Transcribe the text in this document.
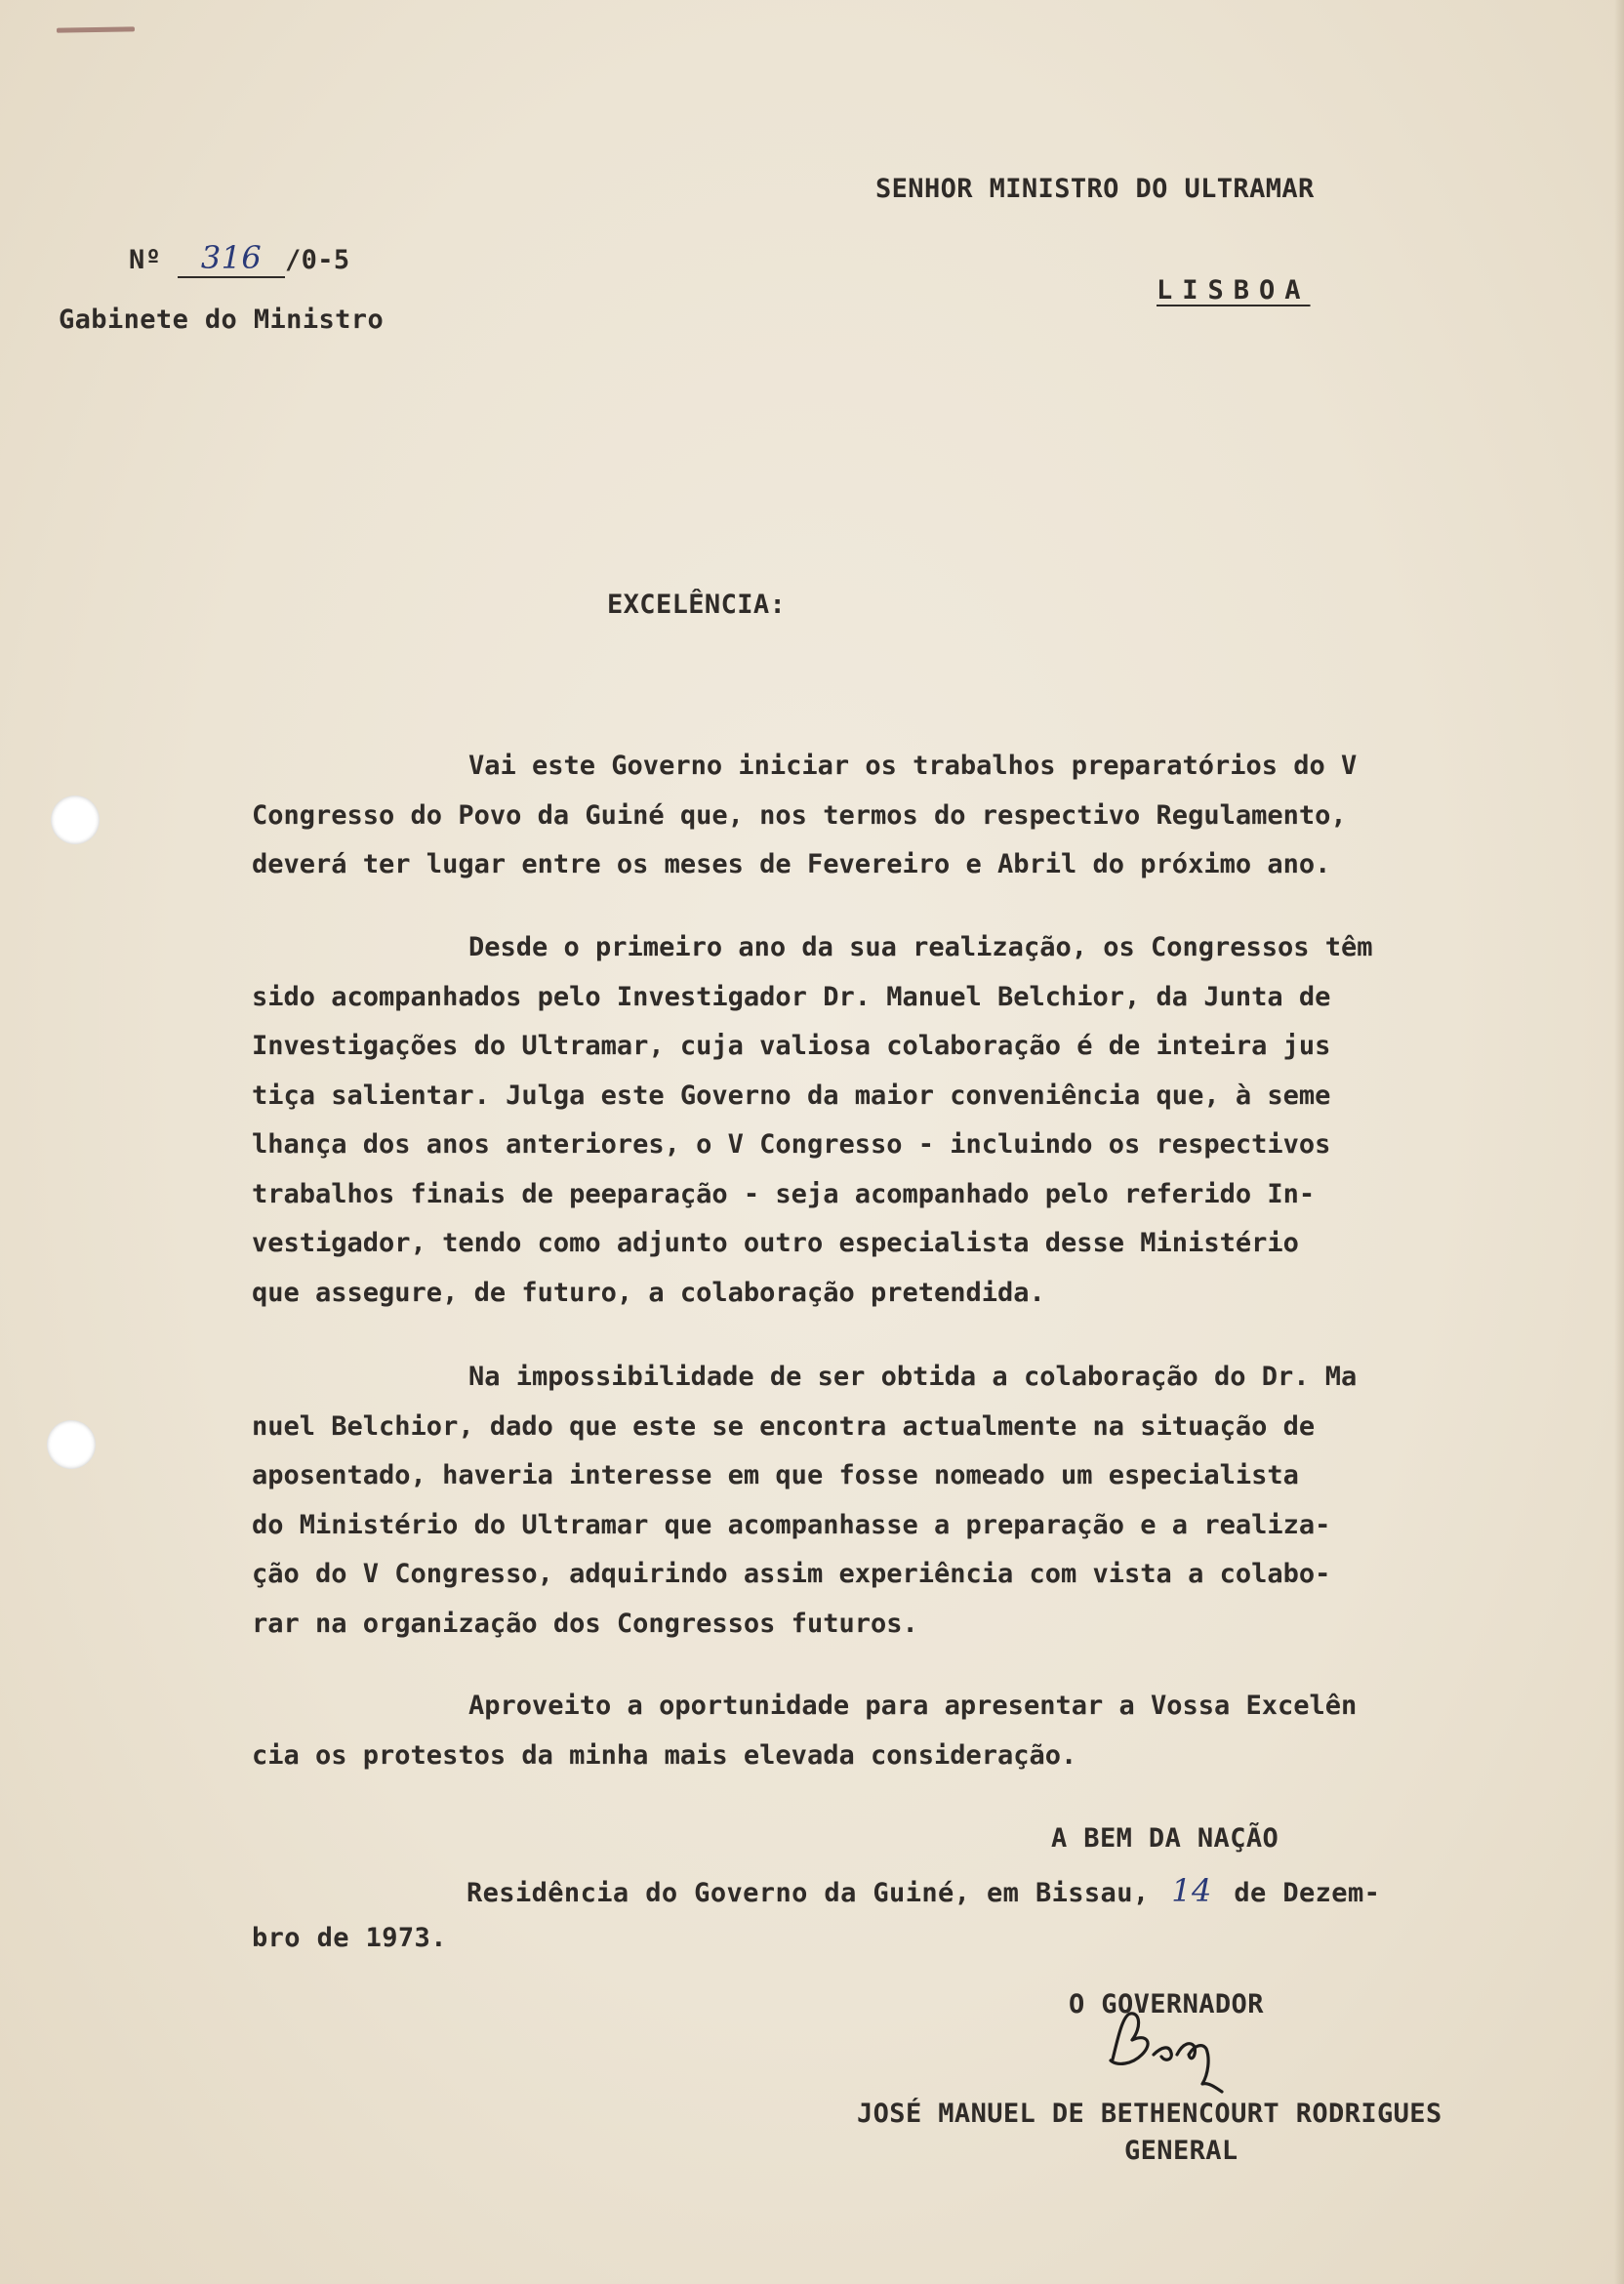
SENHOR MINISTRO DO ULTRAMAR
LISBOA
Nº 316 /0-5
Gabinete do Ministro
EXCELÊNCIA:
Vai este Governo iniciar os trabalhos preparatórios do V
Congresso do Povo da Guiné que, nos termos do respectivo Regulamento,
deverá ter lugar entre os meses de Fevereiro e Abril do próximo ano.
Desde o primeiro ano da sua realização, os Congressos têm
sido acompanhados pelo Investigador Dr. Manuel Belchior, da Junta de
Investigações do Ultramar, cuja valiosa colaboração é de inteira jus
tiça salientar. Julga este Governo da maior conveniência que, à seme
lhança dos anos anteriores, o V Congresso - incluindo os respectivos
trabalhos finais de peeparação - seja acompanhado pelo referido In-
vestigador, tendo como adjunto outro especialista desse Ministério
que assegure, de futuro, a colaboração pretendida.
Na impossibilidade de ser obtida a colaboração do Dr. Ma
nuel Belchior, dado que este se encontra actualmente na situação de
aposentado, haveria interesse em que fosse nomeado um especialista
do Ministério do Ultramar que acompanhasse a preparação e a realiza-
ção do V Congresso, adquirindo assim experiência com vista a colabo-
rar na organização dos Congressos futuros.
Aproveito a oportunidade para apresentar a Vossa Excelên
cia os protestos da minha mais elevada consideração.
A BEM DA NAÇÃO
Residência do Governo da Guiné, em Bissau, 14 de Dezem-
bro de 1973.
O GOVERNADOR
JOSÉ MANUEL DE BETHENCOURT RODRIGUES
GENERAL
